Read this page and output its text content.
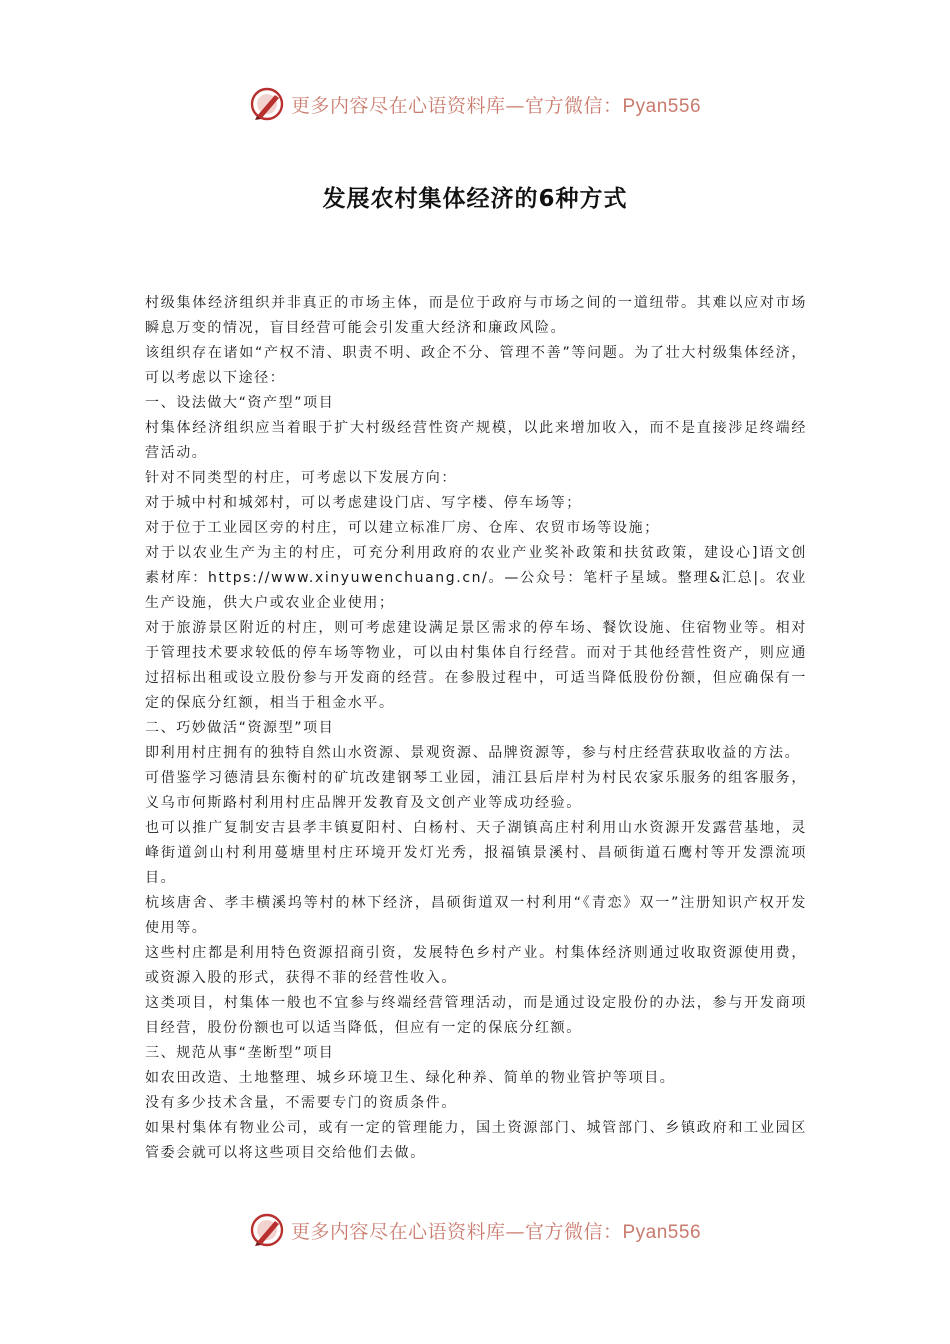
更多内容尽在心语资料库—官方微信：Pyan556
发展农村集体经济的6种方式

村级集体经济组织并非真正的市场主体，而是位于政府与市场之间的一道纽带。其难以应对市场瞬息万变的情况，盲目经营可能会引发重大经济和廉政风险。

该组织存在诸如“产权不清、职责不明、政企不分、管理不善”等问题。为了壮大村级集体经济，可以考虑以下途径：

一、设法做大“资产型”项目

村集体经济组织应当着眼于扩大村级经营性资产规模，以此来增加收入，而不是直接涉足终端经营活动。

针对不同类型的村庄，可考虑以下发展方向：

对于城中村和城郊村，可以考虑建设门店、写字楼、停车场等；

对于位于工业园区旁的村庄，可以建立标准厂房、仓库、农贸市场等设施；

对于以农业生产为主的村庄，可充分利用政府的农业产业奖补政策和扶贫政策，建设心]语文创素材库：https://www.xinyuwenchuang.cn/。—公众号：笔杆子星域。整理&汇总|。农业生产设施，供大户或农业企业使用；

对于旅游景区附近的村庄，则可考虑建设满足景区需求的停车场、餐饮设施、住宿物业等。相对于管理技术要求较低的停车场等物业，可以由村集体自行经营。而对于其他经营性资产，则应通过招标出租或设立股份参与开发商的经营。在参股过程中，可适当降低股份份额，但应确保有一定的保底分红额，相当于租金水平。

二、巧妙做活“资源型”项目

即利用村庄拥有的独特自然山水资源、景观资源、品牌资源等，参与村庄经营获取收益的方法。

可借鉴学习德清县东衡村的矿坑改建钢琴工业园，浦江县后岸村为村民农家乐服务的组客服务，义乌市何斯路村利用村庄品牌开发教育及文创产业等成功经验。

也可以推广复制安吉县孝丰镇夏阳村、白杨村、天子湖镇高庄村利用山水资源开发露营基地，灵峰街道剑山村利用蔓塘里村庄环境开发灯光秀，报福镇景溪村、昌硕街道石鹰村等开发漂流项目。

杭垓唐舍、孝丰横溪坞等村的林下经济，昌硕街道双一村利用“《青恋》双一”注册知识产权开发使用等。

这些村庄都是利用特色资源招商引资，发展特色乡村产业。村集体经济则通过收取资源使用费，或资源入股的形式，获得不菲的经营性收入。

这类项目，村集体一般也不宜参与终端经营管理活动，而是通过设定股份的办法，参与开发商项目经营，股份份额也可以适当降低，但应有一定的保底分红额。

三、规范从事“垄断型”项目

如农田改造、土地整理、城乡环境卫生、绿化种养、简单的物业管护等项目。

没有多少技术含量，不需要专门的资质条件。

如果村集体有物业公司，或有一定的管理能力，国土资源部门、城管部门、乡镇政府和工业园区管委会就可以将这些项目交给他们去做。

更多内容尽在心语资料库—官方微信：Pyan556
